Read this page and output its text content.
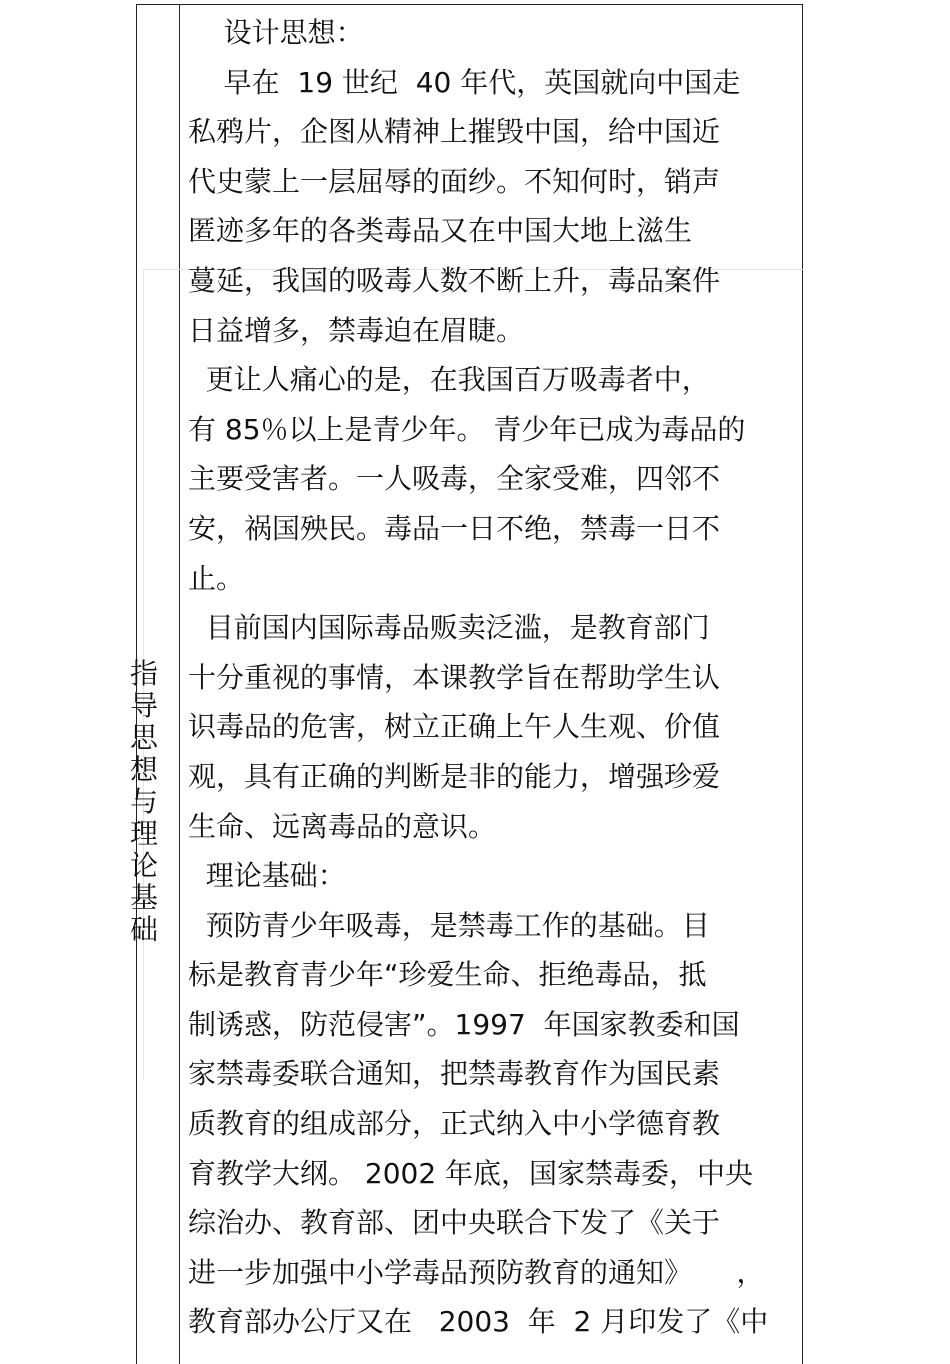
指
导
思
想
与
理
论
基
础
设计思想：
早在  19 世纪  40 年代，英国就向中国走
私鸦片，企图从精神上摧毁中国，给中国近
代史蒙上一层屈辱的面纱。不知何时，销声
匿迹多年的各类毒品又在中国大地上滋生
蔓延，我国的吸毒人数不断上升，毒品案件
日益增多，禁毒迫在眉睫。
更让人痛心的是，在我国百万吸毒者中，
有 85％以上是青少年。 青少年已成为毒品的
主要受害者。一人吸毒，全家受难，四邻不
安，祸国殃民。毒品一日不绝，禁毒一日不
止。
目前国内国际毒品贩卖泛滥，是教育部门
十分重视的事情，本课教学旨在帮助学生认
识毒品的危害，树立正确上午人生观、价值
观，具有正确的判断是非的能力，增强珍爱
生命、远离毒品的意识。
理论基础：
预防青少年吸毒，是禁毒工作的基础。目
标是教育青少年“珍爱生命、拒绝毒品，抵
制诱惑，防范侵害”。1997  年国家教委和国
家禁毒委联合通知，把禁毒教育作为国民素
质教育的组成部分，正式纳入中小学德育教
育教学大纲。 2002 年底，国家禁毒委，中央
综治办、教育部、团中央联合下发了《关于
进一步加强中小学毒品预防教育的通知》     ，
教育部办公厅又在   2003  年  2 月印发了《中
